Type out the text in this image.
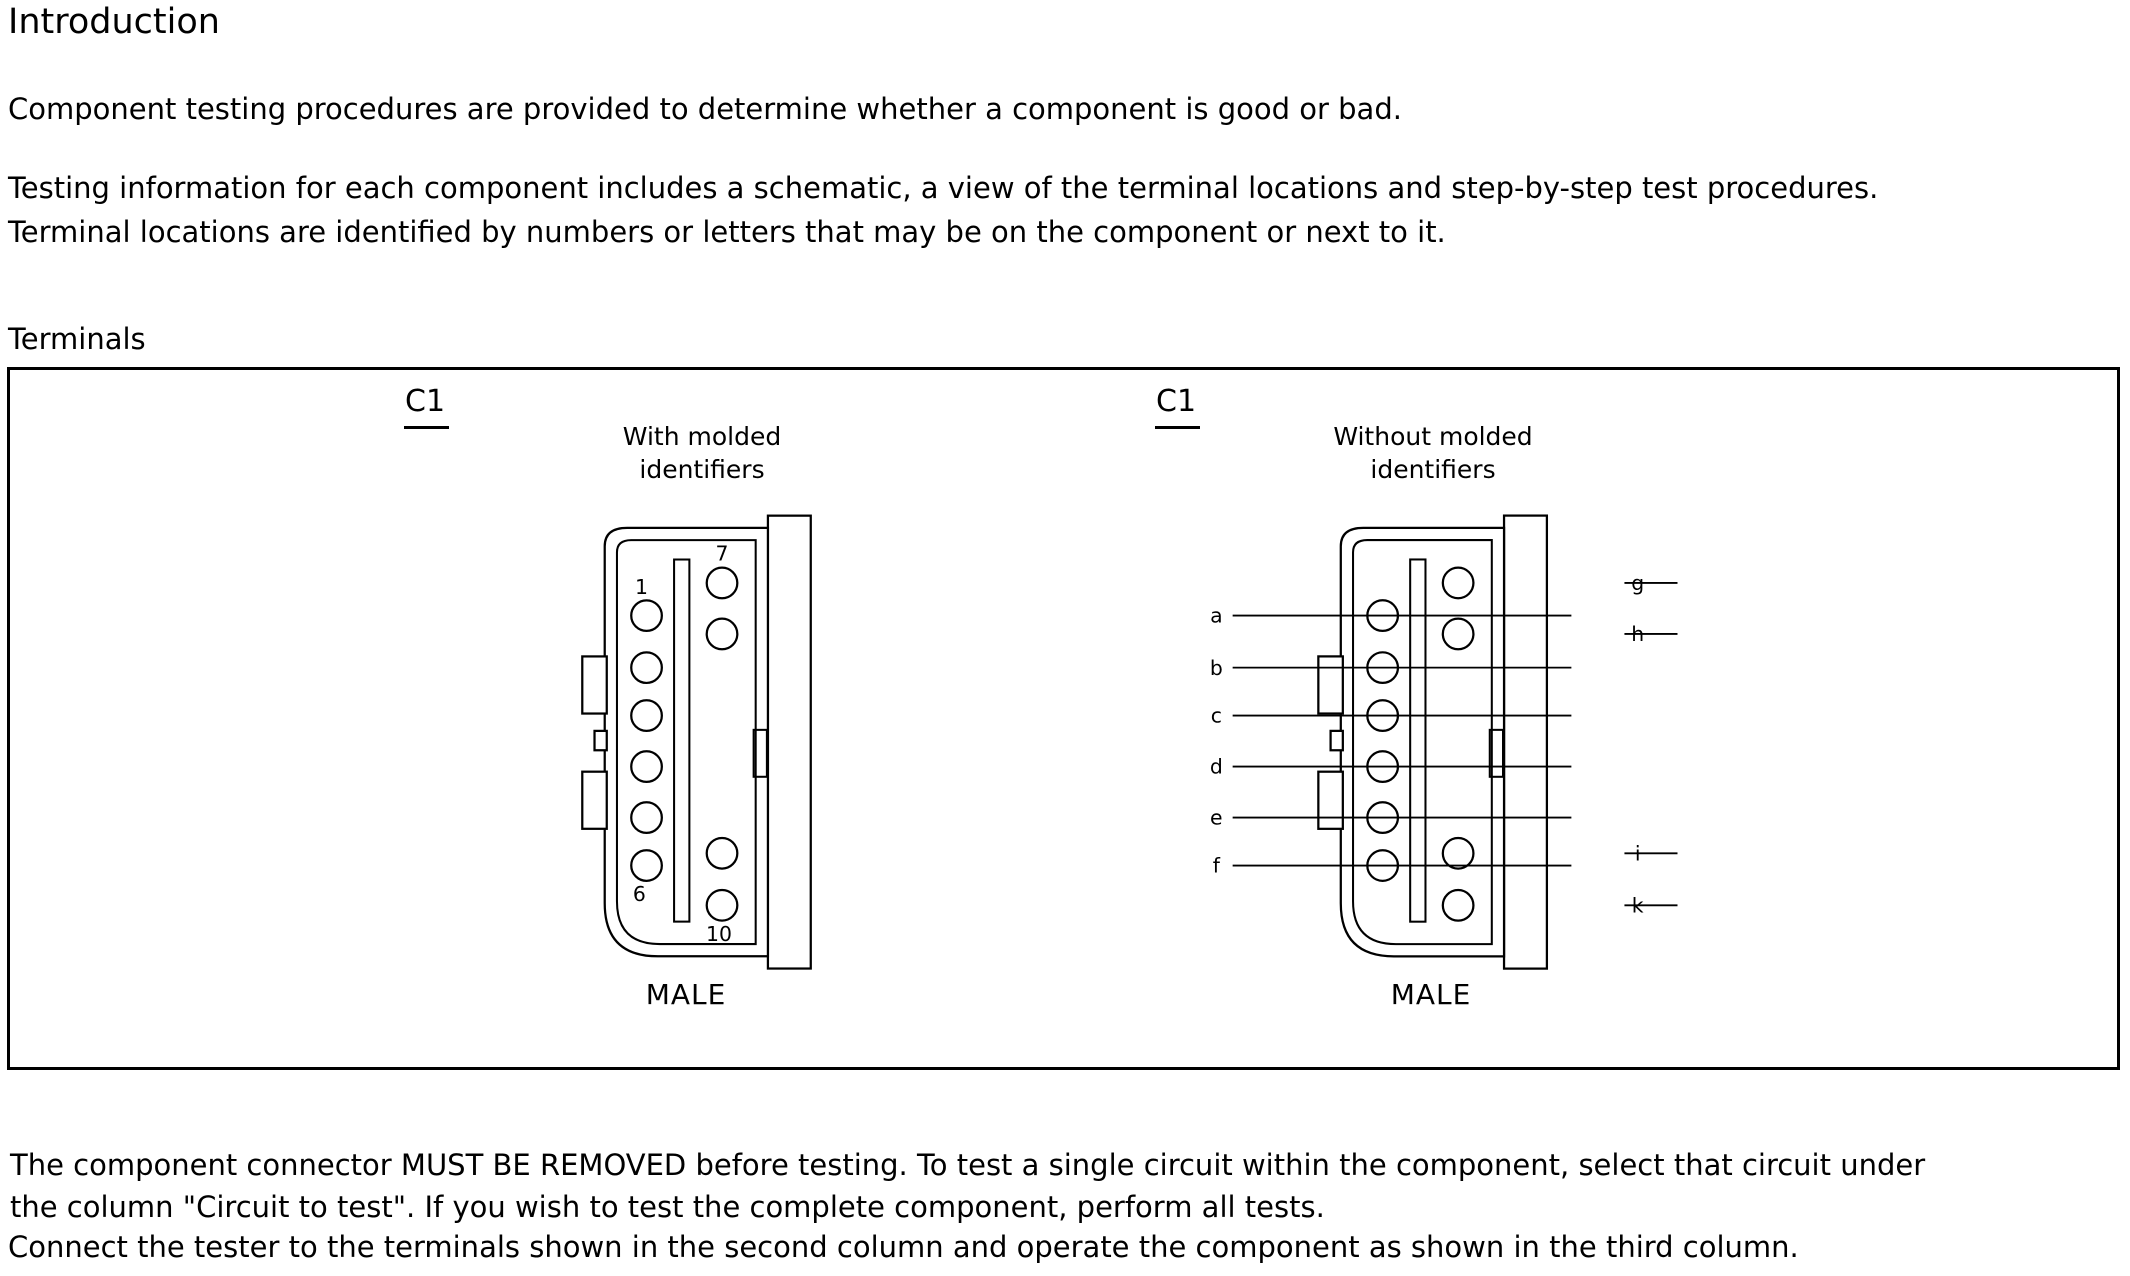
Introduction
Component testing procedures are provided to determine whether a component is good or bad.
Testing information for each component includes a schematic, a view of the terminal locations and step-by-step test procedures.
Terminal locations are identified by numbers or letters that may be on the component or next to it.
Terminals
C1
With molded
identifiers
C1
Without molded
identifiers
1
7
6
10
a
b
c
d
e
f
g
h
i
k
MALE	MALE
The component connector MUST BE REMOVED before testing. To test a single circuit within the component, select that circuit under
the column "Circuit to test". If you wish to test the complete component, perform all tests.
Connect the tester to the terminals shown in the second column and operate the component as shown in the third column.
